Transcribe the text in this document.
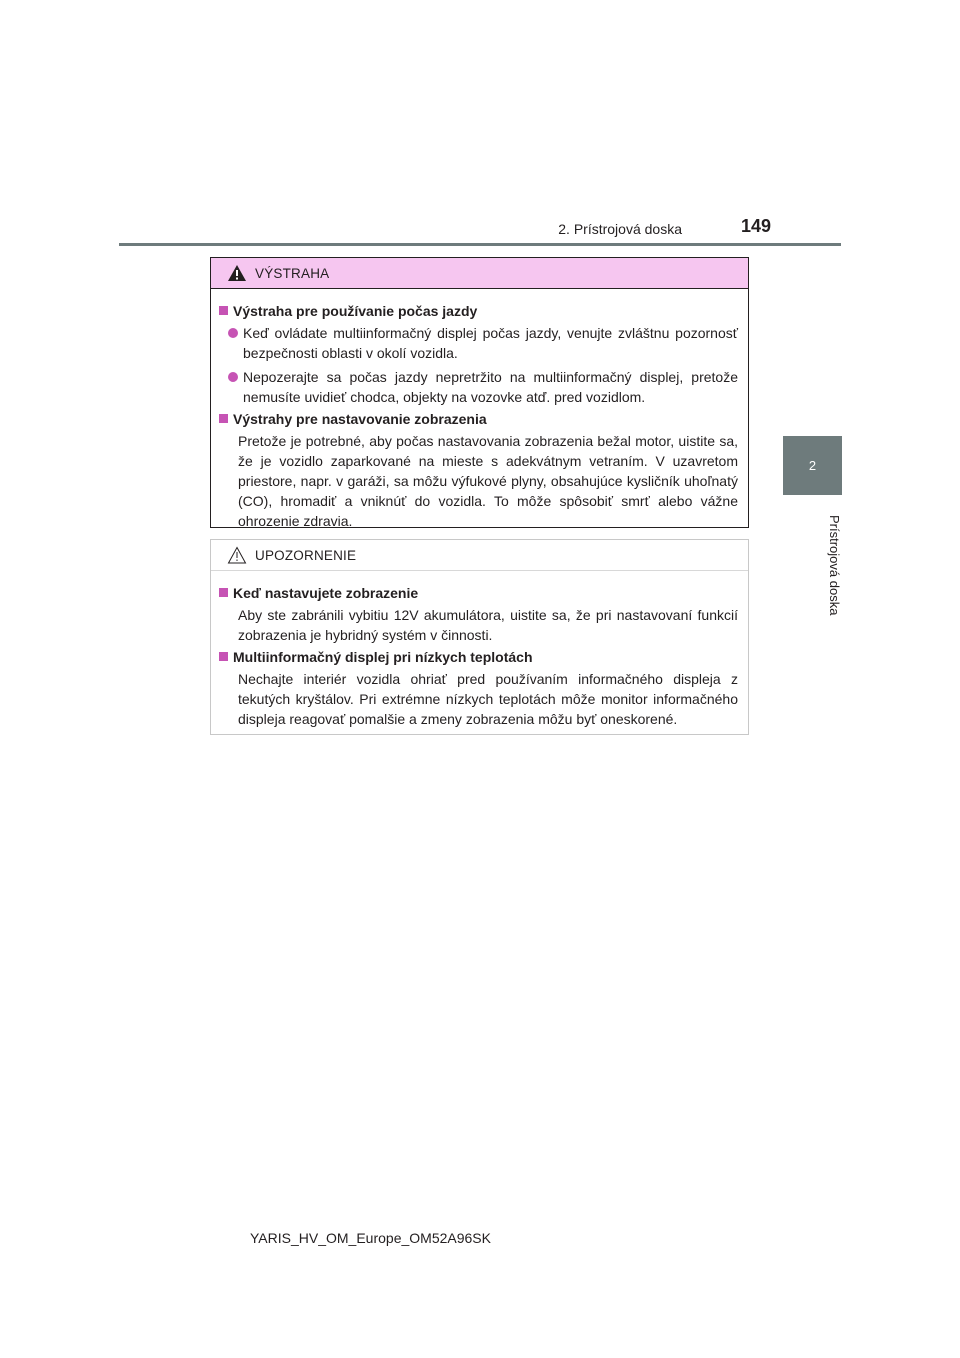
2. Prístrojová doska	149
2
Prístrojová doska
VÝSTRAHA
Výstraha pre používanie počas jazdy
Keď ovládate multiinformačný displej počas jazdy, venujte zvláštnu pozornosť bezpečnosti oblasti v okolí vozidla.
Nepozerajte sa počas jazdy nepretržito na multiinformačný displej, pretože nemusíte uvidieť chodca, objekty na vozovke atď. pred vozidlom.
Výstrahy pre nastavovanie zobrazenia
Pretože je potrebné, aby počas nastavovania zobrazenia bežal motor, uistite sa, že je vozidlo zaparkované na mieste s adekvátnym vetraním. V uzavretom priestore, napr. v garáži, sa môžu výfukové plyny, obsahujúce kysličník uhoľnatý (CO), hromadiť a vniknúť do vozidla. To môže spôsobiť smrť alebo vážne ohrozenie zdravia.
UPOZORNENIE
Keď nastavujete zobrazenie
Aby ste zabránili vybitiu 12V akumulátora, uistite sa, že pri nastavovaní funkcií zobrazenia je hybridný systém v činnosti.
Multiinformačný displej pri nízkych teplotách
Nechajte interiér vozidla ohriať pred používaním informačného displeja z tekutých kryštálov. Pri extrémne nízkych teplotách môže monitor informačného displeja reagovať pomalšie a zmeny zobrazenia môžu byť oneskorené.
YARIS_HV_OM_Europe_OM52A96SK
